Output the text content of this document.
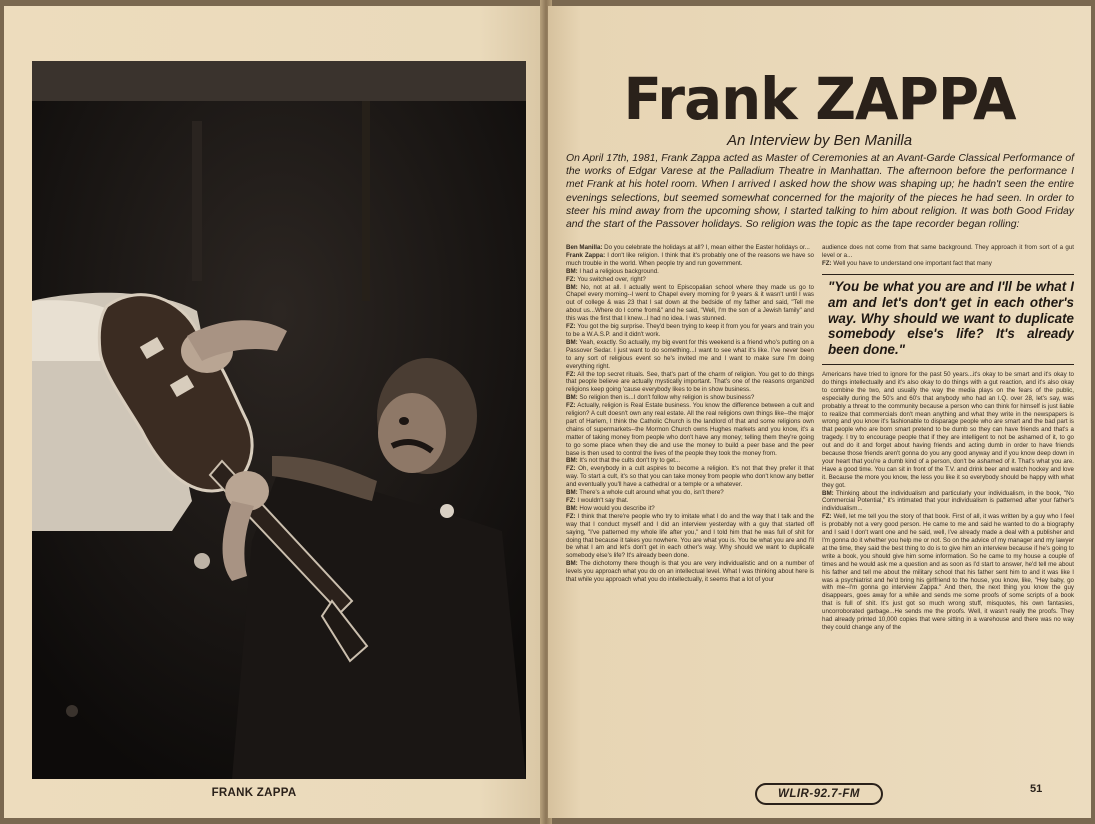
FRANK ZAPPA
Frank ZAPPA
An Interview by Ben Manilla
On April 17th, 1981, Frank Zappa acted as Master of Ceremonies at an Avant-Garde Classical Performance of the works of Edgar Varese at the Palladium Theatre in Manhattan. The afternoon before the performance I met Frank at his hotel room. When I arrived I asked how the show was shaping up; he hadn't seen the entire evenings selections, but seemed somewhat concerned for the majority of the pieces he had seen. In order to steer his mind away from the upcoming show, I started talking to him about religion. It was both Good Friday and the start of the Passover holidays. So religion was the topic as the tape recorder began rolling:

Ben Manilla: Do you celebrate the holidays at all? I, mean either the Easter holidays or...

Frank Zappa: I don't like religion. I think that it's probably one of the reasons we have so much trouble in the world. When people try and run government.

BM: I had a religious background.

FZ: You switched over, right?

BM: No, not at all. I actually went to Episcopalian school where they made us go to Chapel every morning--I went to Chapel every morning for 9 years & it wasn't until I was out of college & was 23 that I sat down at the bedside of my father and said, "Tell me about us...Where do I come from&" and he said, "Well, I'm the son of a Jewish family" and this was the first that I knew...I had no idea. I was stunned.

FZ: You got the big surprise. They'd been trying to keep it from you for years and train you to be a W.A.S.P. and it didn't work.

BM: Yeah, exactly. So actually, my big event for this weekend is a friend who's putting on a Passover Sedar. I just want to do something...I want to see what it's like. I've never been to any sort of religious event so he's invited me and I want to make sure I'm doing everything right.

FZ: All the top secret rituals. See, that's part of the charm of religion. You get to do things that people believe are actually mystically important. That's one of the reasons organized religions keep going 'cause everybody likes to be in show business.

BM: So religion then is...I don't follow why religion is show business?

FZ: Actually, religion is Real Estate business. You know the difference between a cult and religion? A cult doesn't own any real estate. All the real religions own things like--the major part of Harlem, I think the Catholic Church is the landlord of that and some religions own chains of supermarkets--the Mormon Church owns Hughes markets and you know, it's a matter of taking money from people who don't have any money; telling them they're going to go some place when they die and use the money to build a peer base and the peer base is then used to control the lives of the people they took the money from.

BM: It's not that the cults don't try to get...

FZ: Oh, everybody in a cult aspires to become a religion. It's not that they prefer it that way. To start a cult, it's so that you can take money from people who don't know any better and eventually you'll have a cathedral or a temple or a whatever.

BM: There's a whole cult around what you do, isn't there?

FZ: I wouldn't say that.

BM: How would you describe it?

FZ: I think that there're people who try to imitate what I do and the way that I talk and the way that I conduct myself and I did an interview yesterday with a guy that started off saying, "I've patterned my whole life after you," and I told him that he was full of shit for doing that because it takes you nowhere. You are what you is. You be what you are and I'll be what I am and let's don't get in each other's way. Why should we want to duplicate somebody else's life? It's already been done.

BM: The dichotomy there though is that you are very individualistic and on a number of levels you approach what you do on an intellectual level. What I was thinking about here is that while you approach what you do intellectually, it seems that a lot of your

audience does not come from that same background. They approach it from sort of a gut level or a...

FZ: Well you have to understand one important fact that many

"You be what you are and I'll be what I am and let's don't get in each other's way. Why should we want to duplicate somebody else's life? It's already been done."

Americans have tried to ignore for the past 50 years...it's okay to be smart and it's okay to do things intellectually and it's also okay to do things with a gut reaction, and it's also okay to combine the two, and usually the way the media plays on the fears of the public, especially during the 50's and 60's that anybody who had an I.Q. over 28, let's say, was probably a threat to the community because a person who can think for himself is just liable to realize that commercials don't mean anything and what they write in the newspapers is wrong and you know it's fashionable to disparage people who are smart and the bad part is that people who are born smart pretend to be dumb so they can have friends and that's a tragedy. I try to encourage people that if they are intelligent to not be ashamed of it, to go out and do it and forget about having friends and acting dumb in order to have friends because those friends aren't gonna do you any good anyway and if you know deep down in your heart that you're a dumb kind of a person, don't be ashamed of it. That's what you are. Have a good time. You can sit in front of the T.V. and drink beer and watch hockey and love it. Because the more you know, the less you like it so everybody should be happy with what they got.

BM: Thinking about the individualism and particularly your individualism, in the book, "No Commercial Potential," it's intimated that your individualism is patterned after your father's individualism...

FZ: Well, let me tell you the story of that book. First of all, it was written by a guy who I feel is probably not a very good person. He came to me and said he wanted to do a biography and I said I don't want one and he said, well, I've already made a deal with a publisher and I'm gonna do it whether you help me or not. So on the advice of my manager and my lawyer at the time, they said the best thing to do is to give him an interview because if he's going to write a book, you should give him some information. So he came to my house a couple of times and he would ask me a question and as soon as I'd start to answer, he'd tell me about his father and tell me about the military school that his father sent him to and it was like I was a psychiatrist and he'd bring his girlfriend to the house, you know, like, "Hey baby, go with me--I'm gonna go interview Zappa." And then, the next thing you know the guy disappears, goes away for a while and sends me some proofs of some scripts of a book that is full of shit. It's just got so much wrong stuff, misquotes, his own fantasies, uncorroborated garbage...He sends me the proofs. Well, it wasn't really the proofs. They had already printed 10,000 copies that were sitting in a warehouse and there was no way they could change any of the

WLIR-92.7-FM	51
